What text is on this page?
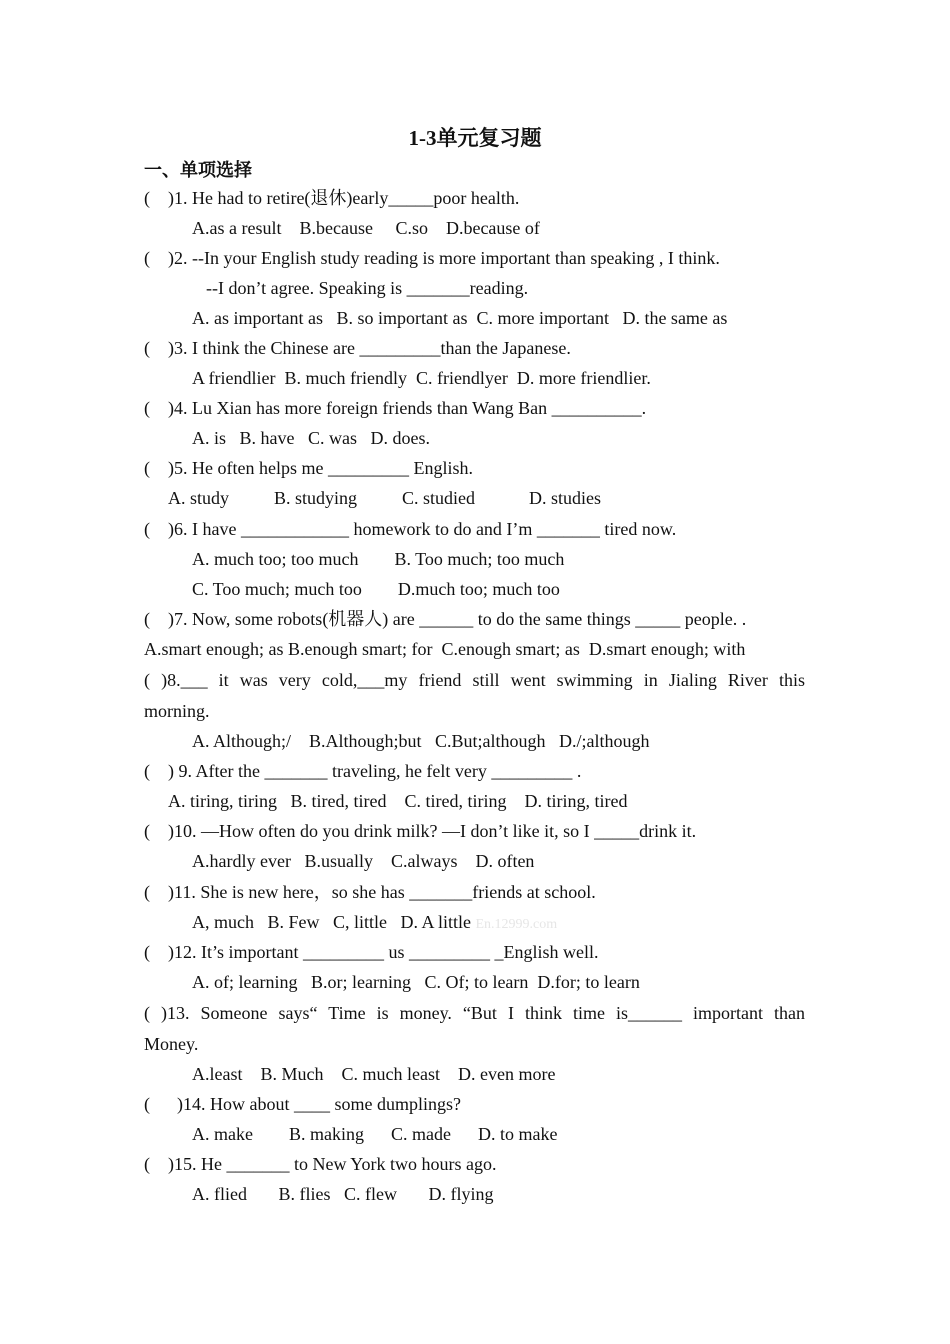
1-3单元复习题
一、单项选择
(    )1. He had to retire(退休)early_____poor health.
A.as a result    B.because     C.so    D.because of
(    )2. --In your English study reading is more important than speaking , I think.
--I don’t agree. Speaking is _______reading.
A. as important as   B. so important as  C. more important   D. the same as
(    )3. I think the Chinese are _________than the Japanese.
A friendlier  B. much friendly  C. friendlyer  D. more friendlier.
(    )4. Lu Xian has more foreign friends than Wang Ban __________.
A. is   B. have   C. was   D. does.
(    )5. He often helps me _________ English.
A. study          B. studying          C. studied            D. studies
(    )6. I have ____________ homework to do and I’m _______ tired now.
A. much too; too much        B. Too much; too much
C. Too much; much too        D.much too; much too
(    )7. Now, some robots(机器人) are ______ to do the same things _____ people. .
A.smart enough; as B.enough smart; for  C.enough smart; as  D.smart enough; with
( )8.___ it was very cold,___my friend still went swimming in Jialing River this
morning.
A. Although;/    B.Although;but   C.But;although   D./;although
(    ) 9. After the _______ traveling, he felt very _________ .
A. tiring, tiring   B. tired, tired    C. tired, tiring    D. tiring, tired
(    )10. —How often do you drink milk? —I don’t like it, so I _____drink it.
A.hardly ever   B.usually    C.always    D. often
(    )11. She is new here，so she has _______friends at school.
A, much   B. Few   C, little   D. A little En.12999.com
(    )12. It’s important _________ us _________ _English well.
A. of; learning   B.or; learning   C. Of; to learn  D.for; to learn
( )13. Someone says“ Time is money. “But I think time is______ important than
Money.
A.least    B. Much    C. much least    D. even more
(      )14. How about ____ some dumplings?
A. make        B. making      C. made      D. to make
(    )15. He _______ to New York two hours ago.
A. flied       B. flies   C. flew       D. flying
